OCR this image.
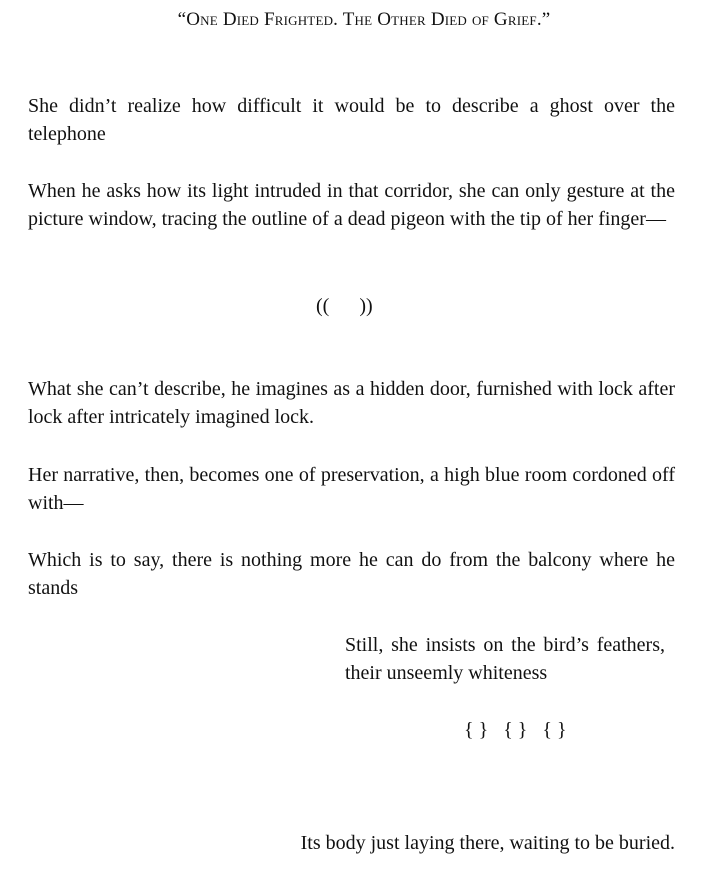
“One Died Frighted. The Other Died of Grief.”

She didn’t realize how difficult it would be to describe a ghost over the telephone

When he asks how its light intruded in that corridor, she can only gesture at the picture window, tracing the outline of a dead pigeon with the tip of her finger—

((      ))

What she can’t describe, he imagines as a hidden door, furnished with lock after lock after intricately imagined lock.

Her narrative, then, becomes one of preservation, a high blue room cordoned off with—

Which is to say, there is nothing more he can do from the balcony where he stands

Still, she insists on the bird’s feathers, their unseemly whiteness

{ }   { }   { }

Its body just laying there, waiting to be buried.
